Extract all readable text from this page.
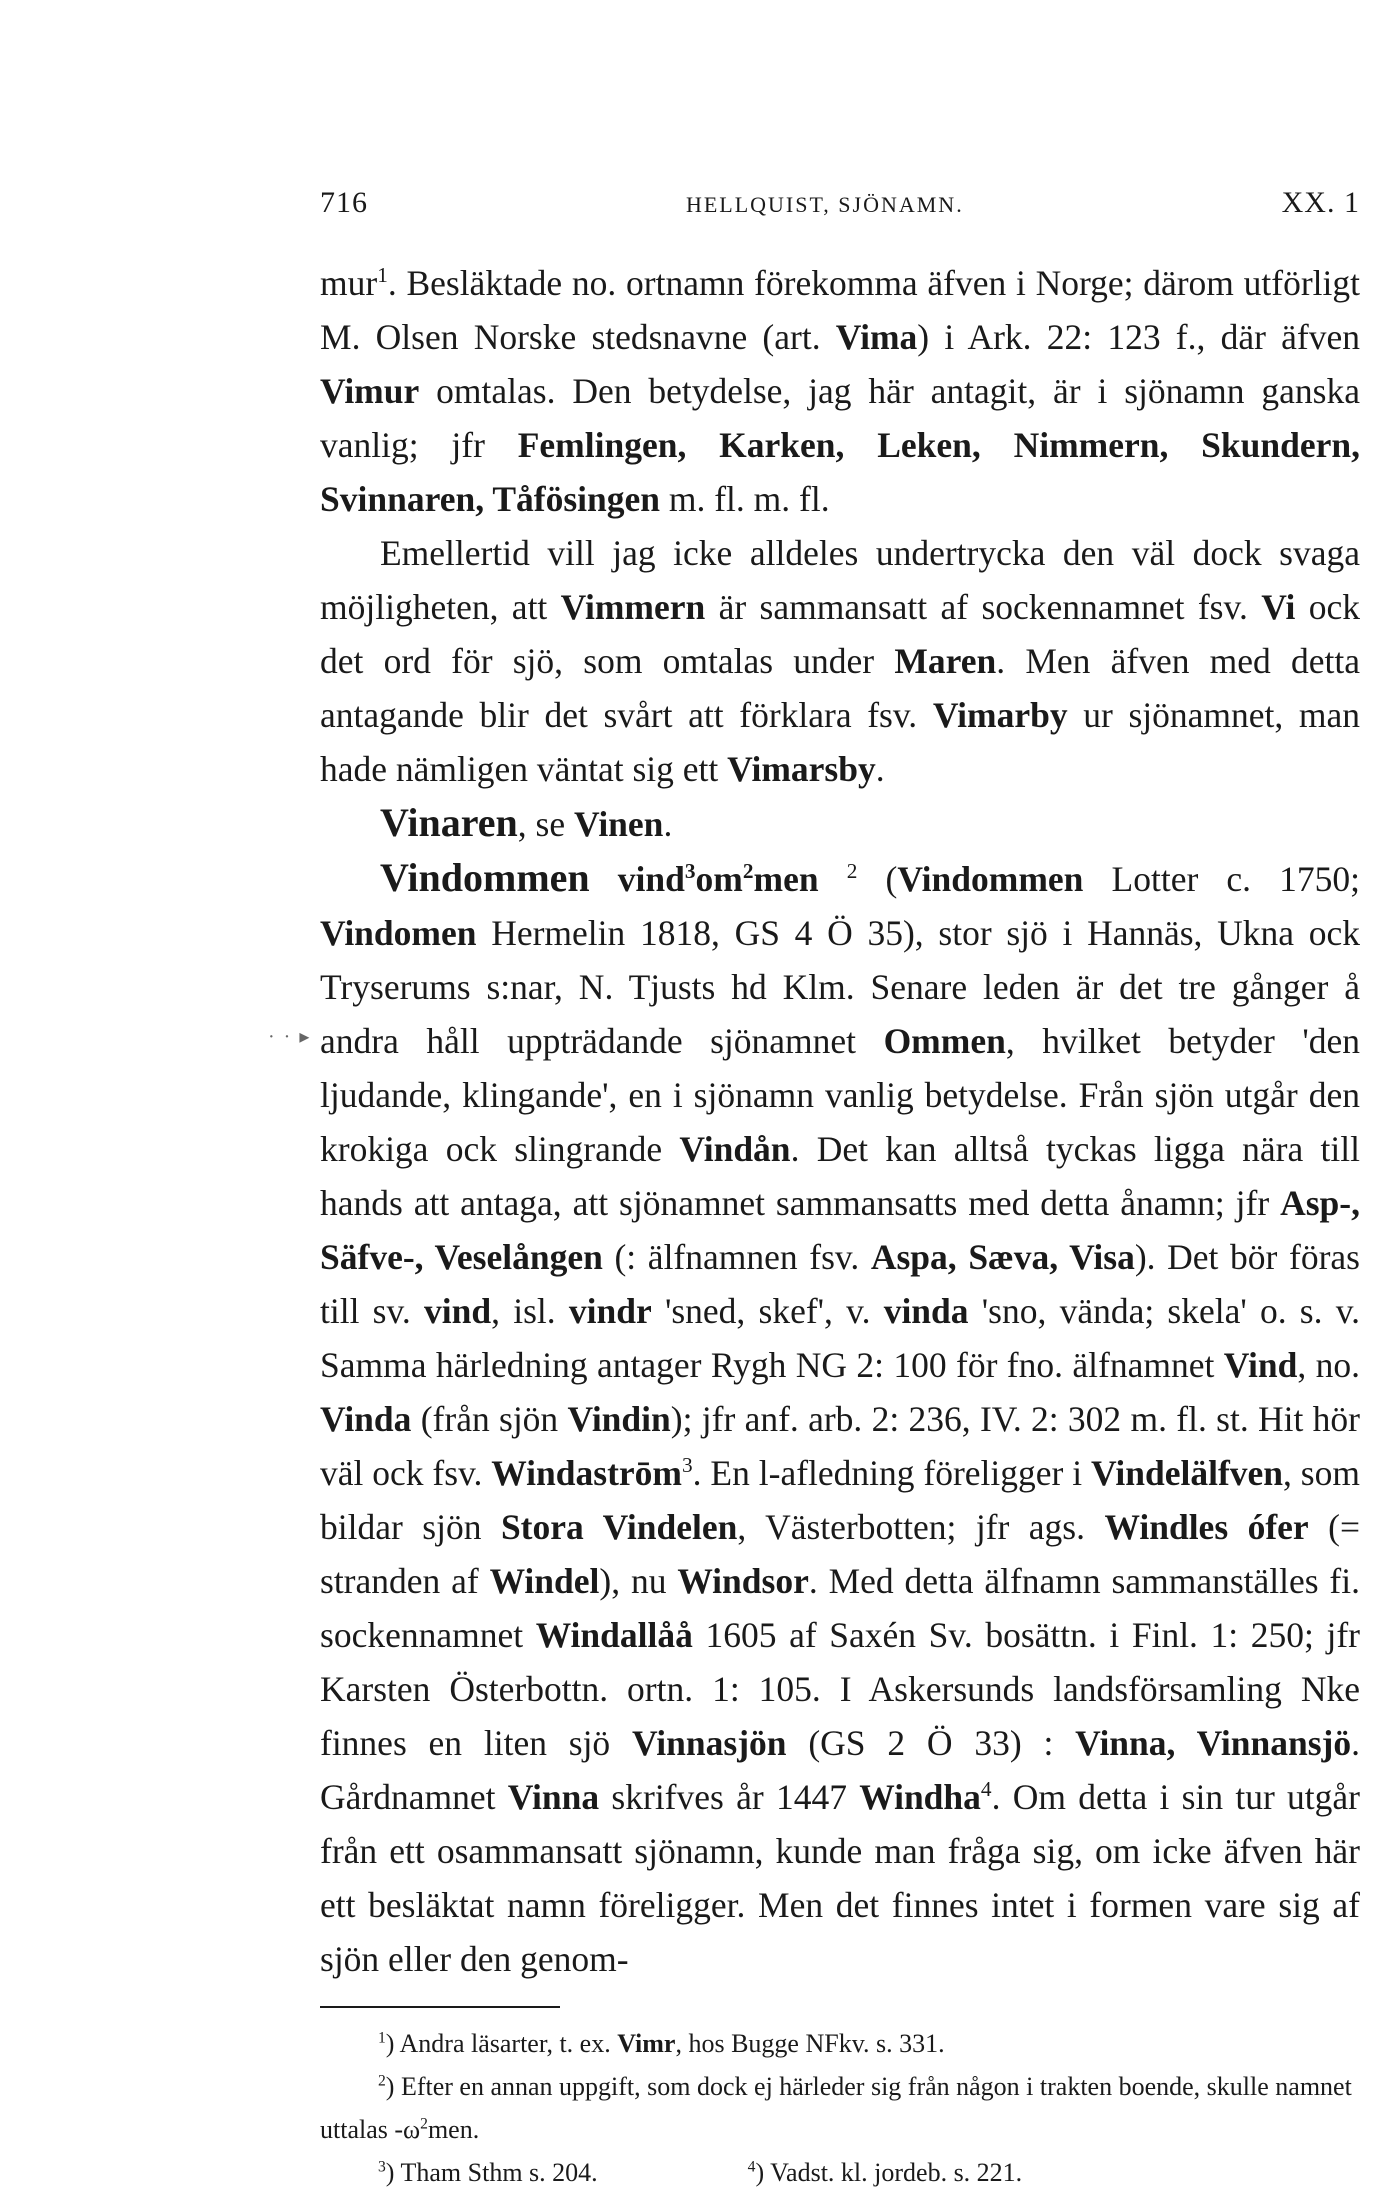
· · ▸
716	HELLQUIST, SJÖNAMN.	XX. 1

mur$^1$. Besläktade no. ortnamn förekomma äfven i Norge; därom utförligt M. Olsen Norske stedsnavne (art. Vima) i Ark. 22: 123 f., där äfven Vimur omtalas. Den betydelse, jag här antagit, är i sjönamn ganska vanlig; jfr Femlingen, Karken, Leken, Nimmern, Skundern, Svinnaren, Tåfösingen m. fl. m. fl.

Emellertid vill jag icke alldeles undertrycka den väl dock svaga möjligheten, att Vimmern är sammansatt af sockennamnet fsv. Vi ock det ord för sjö, som omtalas under Maren. Men äfven med detta antagande blir det svårt att förklara fsv. Vimarby ur sjönamnet, man hade nämligen väntat sig ett Vimarsby.

Vinaren, se Vinen.

Vindommen $vind^3om^2men$ $^2$ (Vindommen Lotter c. 1750; Vindomen Hermelin 1818, GS 4 Ö 35), stor sjö i Hannäs, Ukna ock Tryserums s:nar, N. Tjusts hd Klm. Senare leden är det tre gånger å andra håll uppträdande sjönamnet Ommen, hvilket betyder 'den ljudande, klingande', en i sjönamn vanlig betydelse. Från sjön utgår den krokiga ock slingrande Vindån. Det kan alltså tyckas ligga nära till hands att antaga, att sjönamnet sammansatts med detta ånamn; jfr Asp-, Säfve-, Veselången (: älfnamnen fsv. Aspa, Sæva, Visa). Det bör föras till sv. vind, isl. vindr 'sned, skef', v. vinda 'sno, vända; skela' o. s. v. Samma härledning antager Rygh NG 2: 100 för fno. älfnamnet Vind, no. Vinda (från sjön Vindin); jfr anf. arb. 2: 236, IV. 2: 302 m. fl. st. Hit hör väl ock fsv. Windastrōm$^3$. En l-afledning föreligger i Vindelälfven, som bildar sjön Stora Vindelen, Västerbotten; jfr ags. Windles ófer (= stranden af Windel), nu Windsor. Med detta älfnamn sammanställes fi. sockennamnet Windallåå 1605 af Saxén Sv. bosättn. i Finl. 1: 250; jfr Karsten Österbottn. ortn. 1: 105. I Askersunds landsförsamling Nke finnes en liten sjö Vinnasjön (GS 2 Ö 33) : Vinna, Vinnansjö. Gårdnamnet Vinna skrifves år 1447 Windha$^4$. Om detta i sin tur utgår från ett osammansatt sjönamn, kunde man fråga sig, om icke äfven här ett besläktat namn föreligger. Men det finnes intet i formen vare sig af sjön eller den genom-

$^1$) Andra läsarter, t. ex. Vimr, hos Bugge NFkv. s. 331.

$^2$) Efter en annan uppgift, som dock ej härleder sig från någon i trakten boende, skulle namnet uttalas $-\omega^2men$.

$^3$) Tham Sthm s. 204.	$^4$) Vadst. kl. jordeb. s. 221.
